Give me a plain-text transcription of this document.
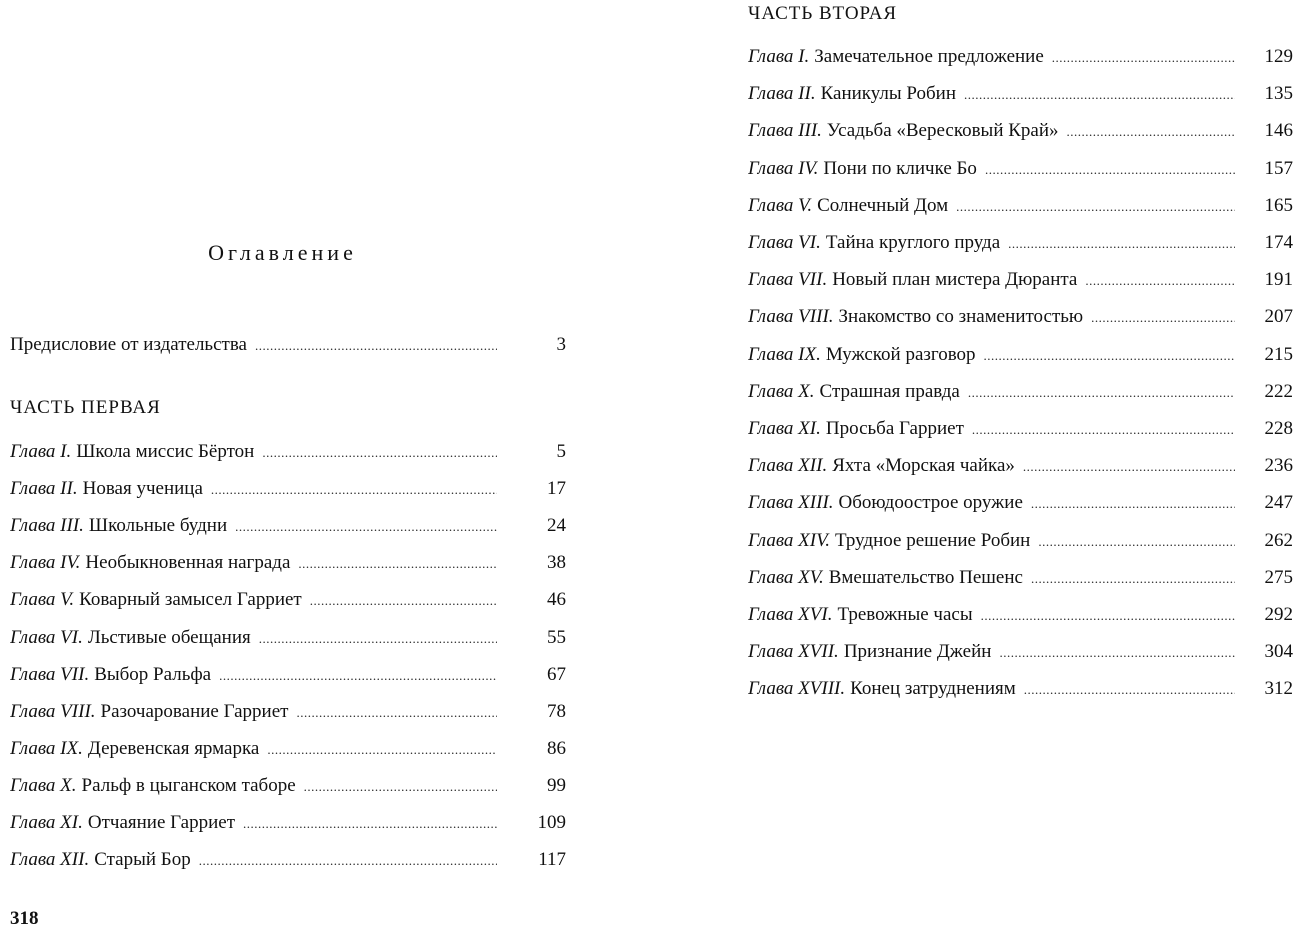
Оглавление
Предисловие от издательства .....	3
ЧАСТЬ ПЕРВАЯ
Глава I. Школа миссис Бёртон .....	5
Глава II. Новая ученица .....	17
Глава III. Школьные будни .....	24
Глава IV. Необыкновенная награда .....	38
Глава V. Коварный замысел Гарриет .....	46
Глава VI. Льстивые обещания .....	55
Глава VII. Выбор Ральфа .....	67
Глава VIII. Разочарование Гарриет .....	78
Глава IX. Деревенская ярмарка .....	86
Глава X. Ральф в цыганском таборе .....	99
Глава XI. Отчаяние Гарриет .....	109
Глава XII. Старый Бор .....	117
ЧАСТЬ ВТОРАЯ
Глава I. Замечательное предложение .....	129
Глава II. Каникулы Робин .....	135
Глава III. Усадьба «Вересковый Край» .....	146
Глава IV. Пони по кличке Бо .....	157
Глава V. Солнечный Дом .....	165
Глава VI. Тайна круглого пруда .....	174
Глава VII. Новый план мистера Дюранта .....	191
Глава VIII. Знакомство со знаменитостью .....	207
Глава IX. Мужской разговор .....	215
Глава X. Страшная правда .....	222
Глава XI. Просьба Гарриет .....	228
Глава XII. Яхта «Морская чайка» .....	236
Глава XIII. Обоюдоострое оружие .....	247
Глава XIV. Трудное решение Робин .....	262
Глава XV. Вмешательство Пешенс .....	275
Глава XVI. Тревожные часы .....	292
Глава XVII. Признание Джейн .....	304
Глава XVIII. Конец затруднениям .....	312
318
